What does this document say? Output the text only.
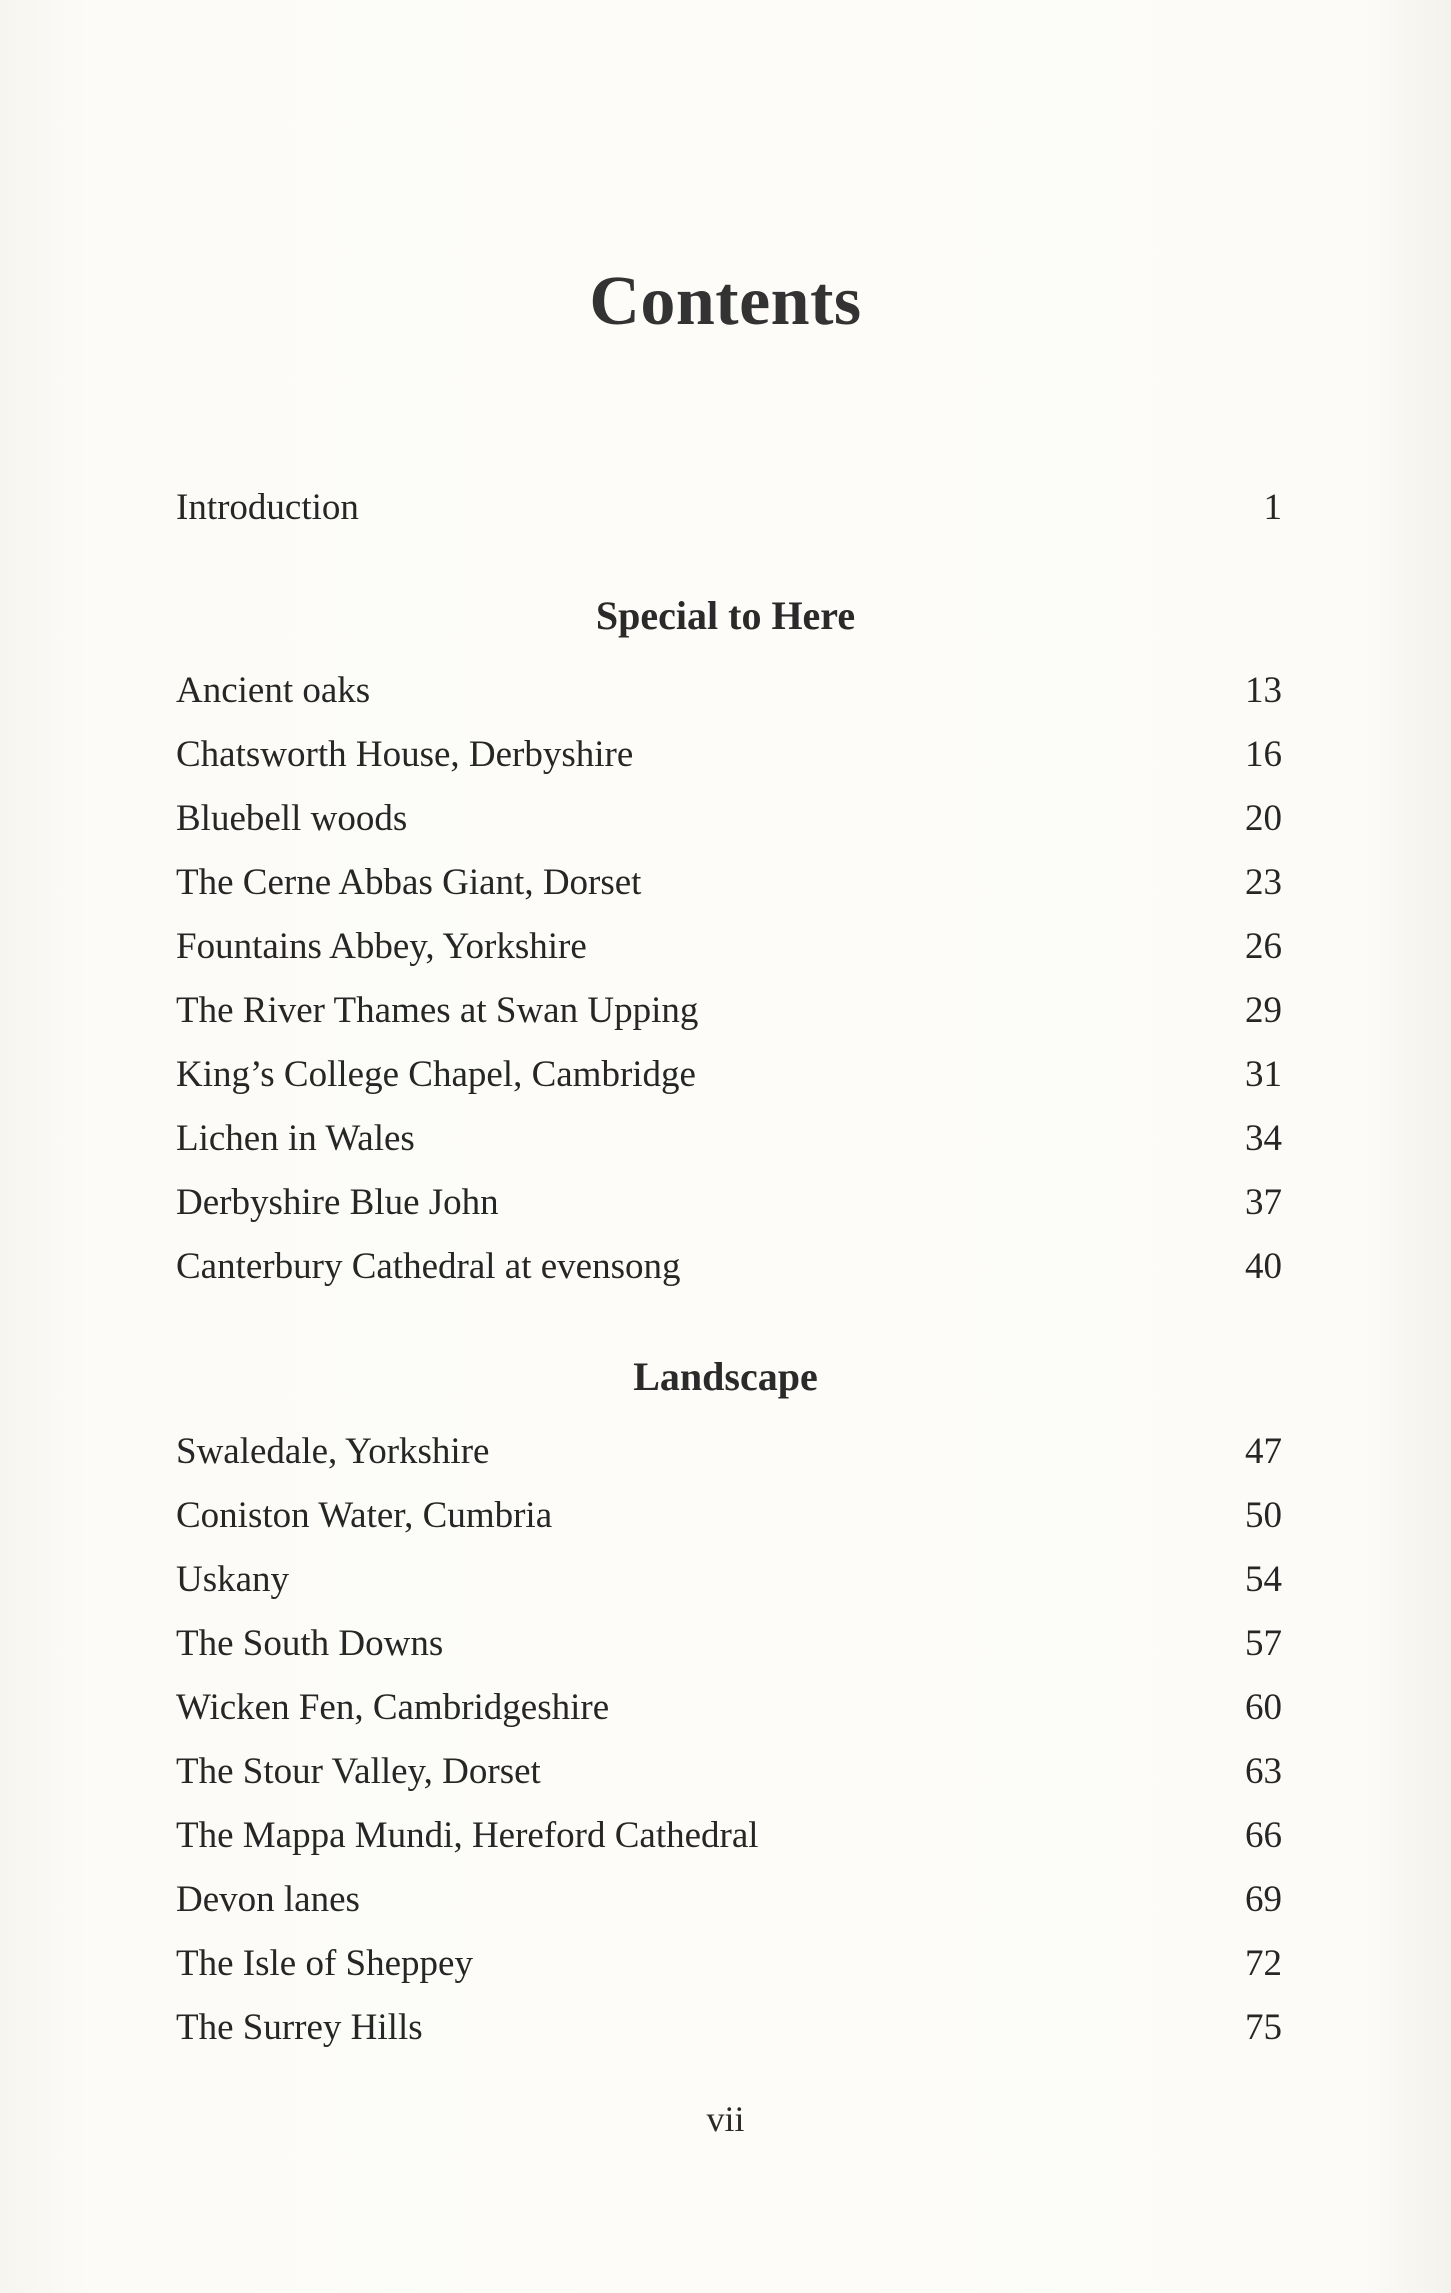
Contents
Introduction	1
Special to Here
Ancient oaks	13
Chatsworth House, Derbyshire	16
Bluebell woods	20
The Cerne Abbas Giant, Dorset	23
Fountains Abbey, Yorkshire	26
The River Thames at Swan Upping	29
King’s College Chapel, Cambridge	31
Lichen in Wales	34
Derbyshire Blue John	37
Canterbury Cathedral at evensong	40
Landscape
Swaledale, Yorkshire	47
Coniston Water, Cumbria	50
Uskany	54
The South Downs	57
Wicken Fen, Cambridgeshire	60
The Stour Valley, Dorset	63
The Mappa Mundi, Hereford Cathedral	66
Devon lanes	69
The Isle of Sheppey	72
The Surrey Hills	75
vii
